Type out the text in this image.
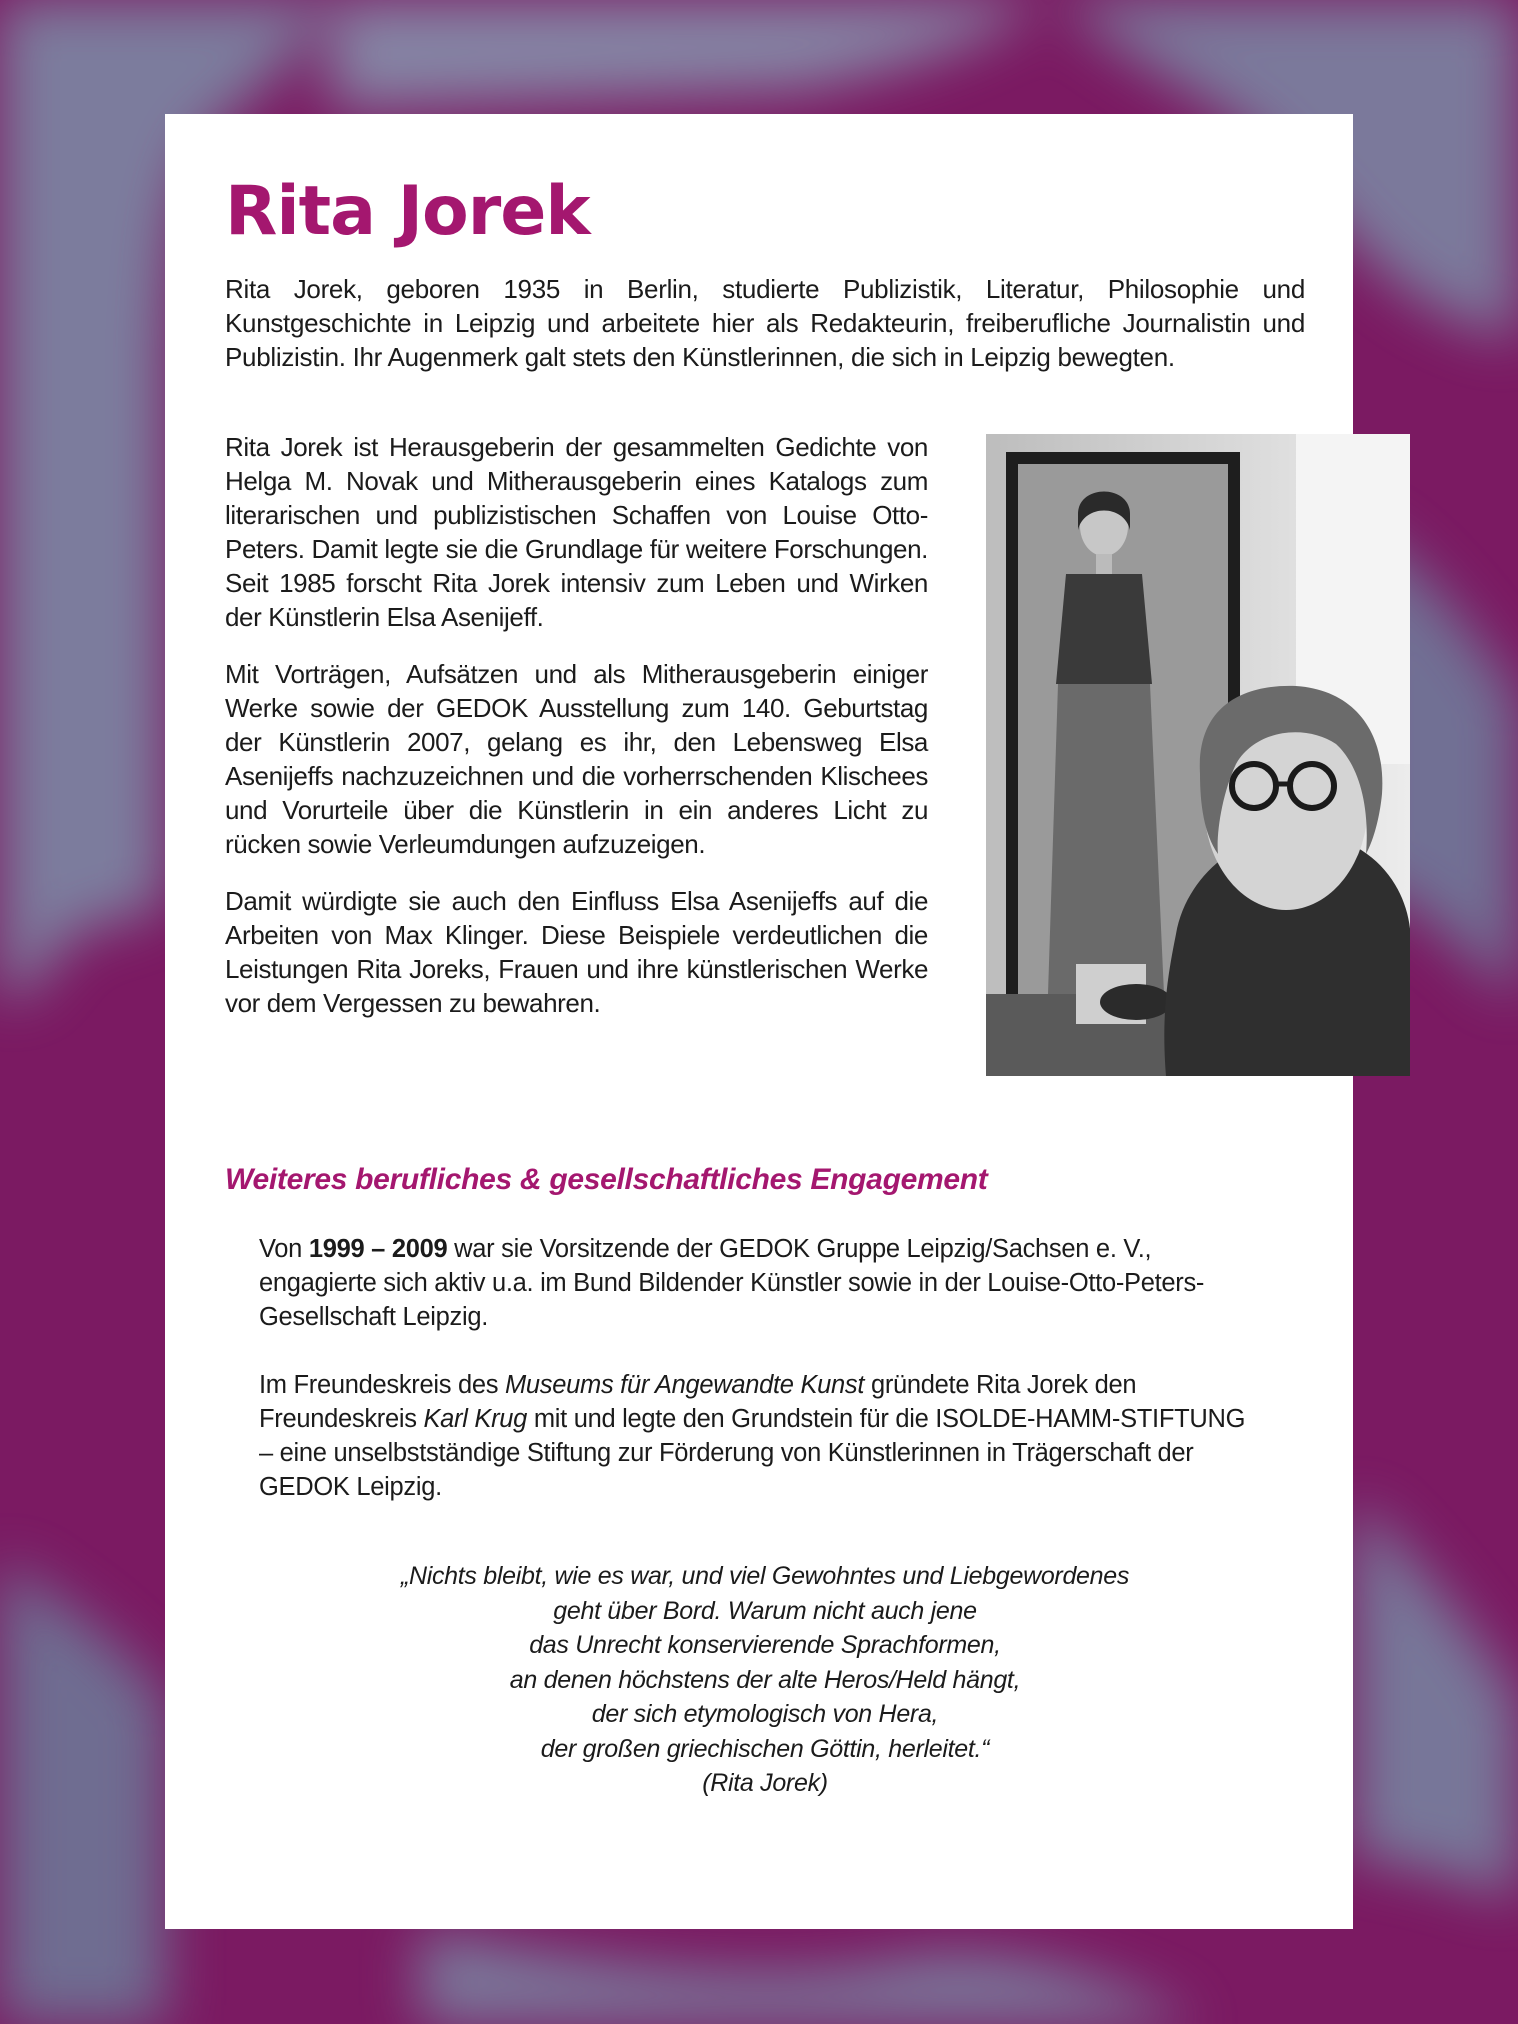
Rita Jorek

Rita Jorek, geboren 1935 in Berlin, studierte Publizistik, Literatur, Philosophie und Kunstgeschichte in Leipzig und arbeitete hier als Redakteurin, freiberufliche Journalistin und Publizistin. Ihr Augenmerk galt stets den Künstlerinnen, die sich in Leipzig bewegten.

Rita Jorek ist Herausgeberin der gesammelten Gedichte von Helga M. Novak und Mitherausgeberin eines Katalogs zum literarischen und publizistischen Schaffen von Louise Otto-Peters. Damit legte sie die Grundlage für weitere Forschungen. Seit 1985 forscht Rita Jorek intensiv zum Leben und Wirken der Künstlerin Elsa Asenijeff.

Mit Vorträgen, Aufsätzen und als Mitherausgeberin einiger Werke sowie der GEDOK Ausstellung zum 140. Geburtstag der Künstlerin 2007, gelang es ihr, den Lebensweg Elsa Asenijeffs nachzuzeichnen und die vorherrschenden Klischees und Vorurteile über die Künstlerin in ein anderes Licht zu rücken sowie Verleumdungen aufzuzeigen.

Damit würdigte sie auch den Einfluss Elsa Asenijeffs auf die Arbeiten von Max Klinger. Diese Beispiele verdeutlichen die Leistungen Rita Joreks, Frauen und ihre künstlerischen Werke vor dem Vergessen zu bewahren.

Weiteres berufliches & gesellschaftliches Engagement

Von 1999 – 2009 war sie Vorsitzende der GEDOK Gruppe Leipzig/Sachsen e. V., engagierte sich aktiv u.a. im Bund Bildender Künstler sowie in der Louise-Otto-Peters-Gesellschaft Leipzig.

Im Freundeskreis des Museums für Angewandte Kunst gründete Rita Jorek den Freundeskreis Karl Krug mit und legte den Grundstein für die ISOLDE-HAMM-STIFTUNG – eine unselbstständige Stiftung zur Förderung von Künstlerinnen in Trägerschaft der GEDOK Leipzig.

„Nichts bleibt, wie es war, und viel Gewohntes und Liebgewordenes
geht über Bord. Warum nicht auch jene
das Unrecht konservierende Sprachformen,
an denen höchstens der alte Heros/Held hängt,
der sich etymologisch von Hera,
der großen griechischen Göttin, herleitet.“
(Rita Jorek)
